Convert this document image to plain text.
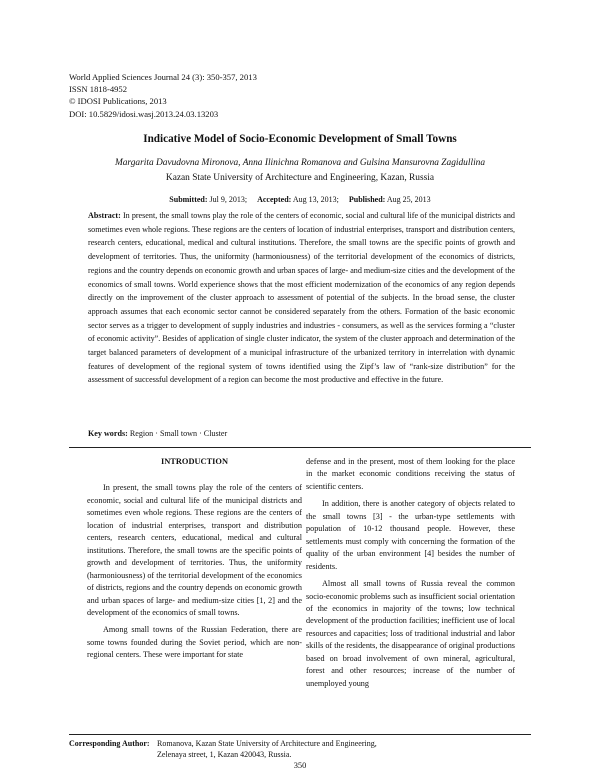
World Applied Sciences Journal 24 (3): 350-357, 2013
ISSN 1818-4952
© IDOSI Publications, 2013
DOI: 10.5829/idosi.wasj.2013.24.03.13203
Indicative Model of Socio-Economic Development of Small Towns
Margarita Davudovna Mironova, Anna Ilinichna Romanova and Gulsina Mansurovna Zagidullina
Kazan State University of Architecture and Engineering, Kazan, Russia
Submitted: Jul 9, 2013; Accepted: Aug 13, 2013; Published: Aug 25, 2013
Abstract: In present, the small towns play the role of the centers of economic, social and cultural life of the municipal districts and sometimes even whole regions. These regions are the centers of location of industrial enterprises, transport and distribution centers, research centers, educational, medical and cultural institutions. Therefore, the small towns are the specific points of growth and development of territories. Thus, the uniformity (harmoniousness) of the territorial development of the economics of districts, regions and the country depends on economic growth and urban spaces of large- and medium-size cities and the development of the economics of small towns. World experience shows that the most efficient modernization of the economics of any region depends directly on the improvement of the cluster approach to assessment of potential of the subjects. In the broad sense, the cluster approach assumes that each economic sector cannot be considered separately from the others. Formation of the basic economic sector serves as a trigger to development of supply industries and industries - consumers, as well as the services forming a “cluster of economic activity”. Besides of application of single cluster indicator, the system of the cluster approach and determination of the target balanced parameters of development of a municipal infrastructure of the urbanized territory in interrelation with dynamic features of development of the regional system of towns identified using the Zipf’s law of “rank-size distribution” for the assessment of successful development of a region can become the most productive and effective in the future.
Key words: Region · Small town · Cluster
INTRODUCTION

In present, the small towns play the role of the centers of economic, social and cultural life of the municipal districts and sometimes even whole regions. These regions are the centers of location of industrial enterprises, transport and distribution centers, research centers, educational, medical and cultural institutions. Therefore, the small towns are the specific points of growth and development of territories. Thus, the uniformity (harmoniousness) of the territorial development of the economics of districts, regions and the country depends on economic growth and urban spaces of large- and medium-size cities [1, 2] and the development of the economics of small towns.

Among small towns of the Russian Federation, there are some towns founded during the Soviet period, which are non-regional centers. These were important for state

defense and in the present, most of them looking for the place in the market economic conditions receiving the status of scientific centers.

In addition, there is another category of objects related to the small towns [3] - the urban-type settlements with population of 10-12 thousand people. However, these settlements must comply with concerning the formation of the quality of the urban environment [4] besides the number of residents.

Almost all small towns of Russia reveal the common socio-economic problems such as insufficient social orientation of the economics in majority of the towns; low technical development of the production facilities; inefficient use of local resources and capacities; loss of traditional industrial and labor skills of the residents, the disappearance of original productions based on broad involvement of own mineral, agricultural, forest and other resources; increase of the number of unemployed young

Corresponding Author: Romanova, Kazan State University of Architecture and Engineering,
Zelenaya street, 1, Kazan 420043, Russia.
350
